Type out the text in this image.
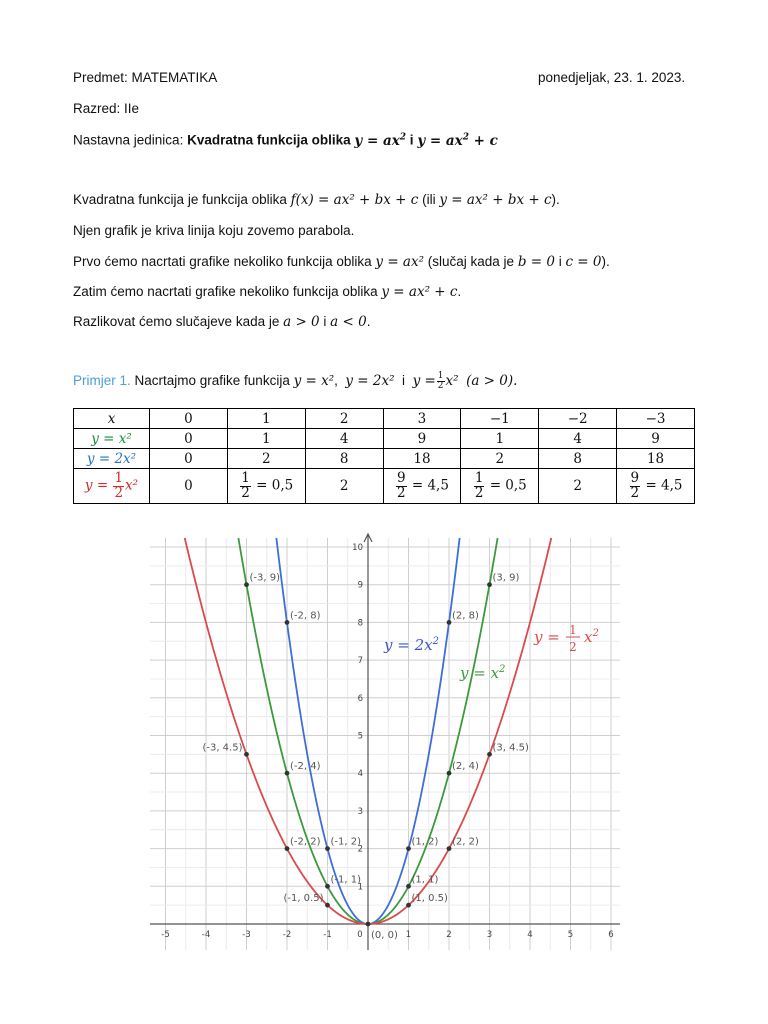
Predmet: MATEMATIKA	ponedjeljak, 23. 1. 2023.
Razred: IIe
Nastavna jedinica: Kvadratna funkcija oblika $y = ax^2$ i $y = ax^2 + c$
Kvadratna funkcija je funkcija oblika f(x) = ax² + bx + c (ili y = ax² + bx + c).
Njen grafik je kriva linija koju zovemo parabola.
Prvo ćemo nacrtati grafike nekoliko funkcija oblika y = ax² (slučaj kada je b = 0 i c = 0).
Zatim ćemo nacrtati grafike nekoliko funkcija oblika y = ax² + c.
Razlikovat ćemo slučajeve kada je a > 0 i a < 0.
Primjer 1. Nacrtajmo grafike funkcija y = x²,  y = 2x² i $y = \frac{1}{2} x^2$ (a > 0).
x	0	1	2	3	−1	−2	−3
y = x²	0	1	4	9	1	4	9
y = 2x²	0	2	8	18	2	8	18
$y = \frac{1}{2} x^2$	0	$\frac{1}{2} = 0,5$	2	$\frac{9}{2} = 4,5$	$\frac{1}{2} = 0,5$	2	$\frac{9}{2} = 4,5$
-5	-4	-3	-2	-1	0	1	2	3	4	5	6
1
2
3
4
5
6
7
8
9
10
(-3, 9)	(3, 9)
(-2, 8)	(2, 8)
(-3, 4.5)	(3, 4.5)
(-2, 4)	(2, 4)
(-2, 2) (-1, 2)	(1, 2) (2, 2)
(-1, 1)	(1, 1)
(-1, 0.5)	(1, 0.5)
(0, 0)
$y = 2x^2$
$y = x^2$
y = 1
2
$x^2$
